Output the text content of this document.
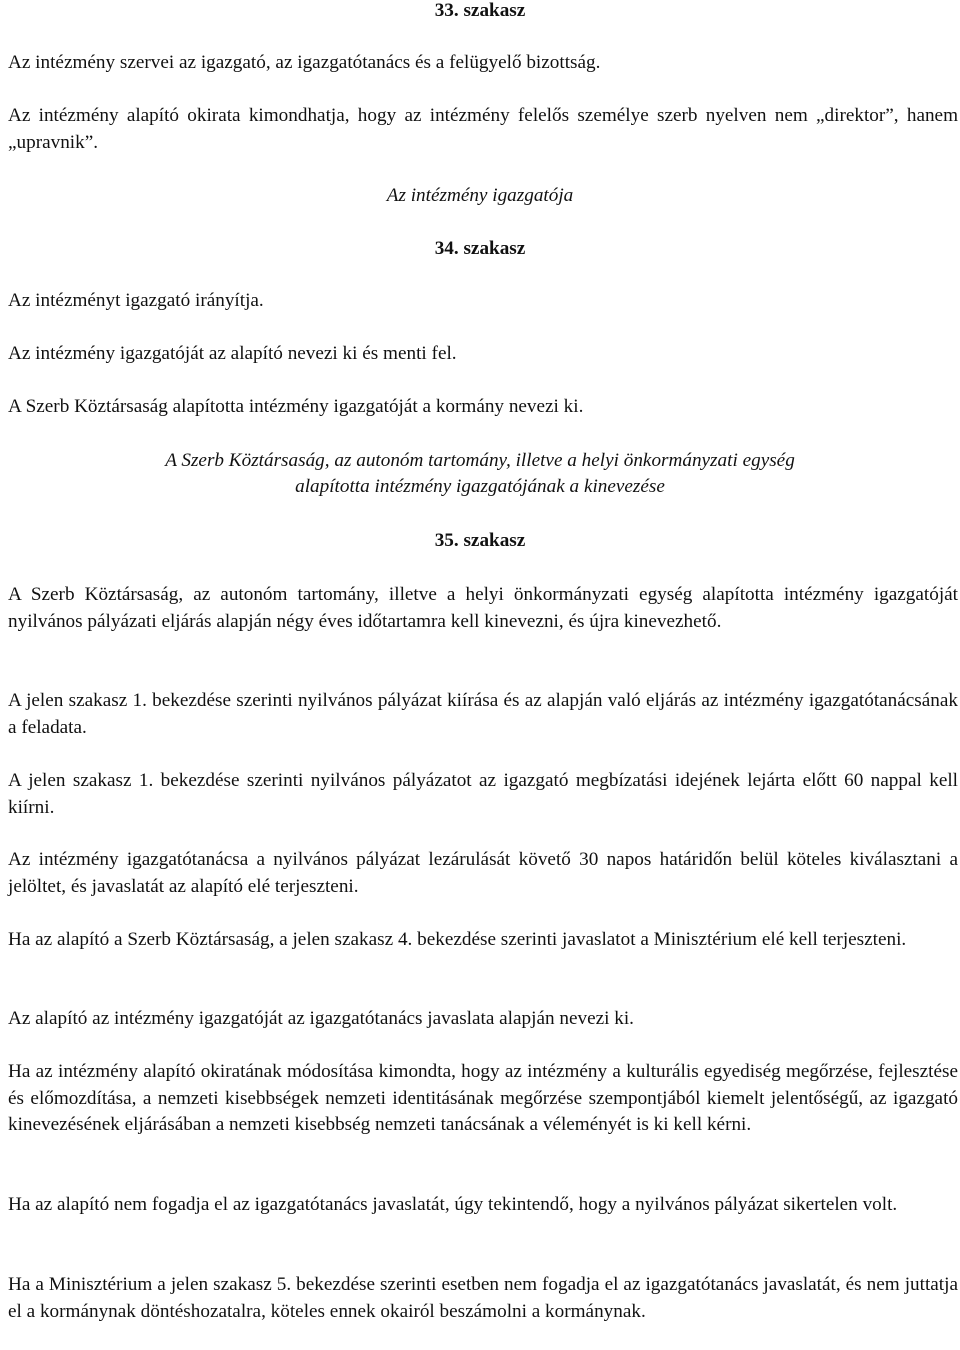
33. szakasz

Az intézmény szervei az igazgató, az igazgatótanács és a felügyelő bizottság.

Az intézmény alapító okirata kimondhatja, hogy az intézmény felelős személye szerb nyelven nem „direktor”, hanem „upravnik”.

Az intézmény igazgatója

34. szakasz

Az intézményt igazgató irányítja.

Az intézmény igazgatóját az alapító nevezi ki és menti fel.

A Szerb Köztársaság alapította intézmény igazgatóját a kormány nevezi ki.

A Szerb Köztársaság, az autonóm tartomány, illetve a helyi önkormányzati egység

alapította intézmény igazgatójának a kinevezése

35. szakasz

A Szerb Köztársaság, az autonóm tartomány, illetve a helyi önkormányzati egység alapította intézmény igazgatóját nyilvános pályázati eljárás alapján négy éves időtartamra kell kinevezni, és újra kinevezhető.

A jelen szakasz 1. bekezdése szerinti nyilvános pályázat kiírása és az alapján való eljárás az intézmény igazgatótanácsának a feladata.

A jelen szakasz 1. bekezdése szerinti nyilvános pályázatot az igazgató megbízatási idejének lejárta előtt 60 nappal kell kiírni.

Az intézmény igazgatótanácsa a nyilvános pályázat lezárulását követő 30 napos határidőn belül köteles kiválasztani a jelöltet, és javaslatát az alapító elé terjeszteni.

Ha az alapító a Szerb Köztársaság, a jelen szakasz 4. bekezdése szerinti javaslatot a Minisztérium elé kell terjeszteni.

Az alapító az intézmény igazgatóját az igazgatótanács javaslata alapján nevezi ki.

Ha az intézmény alapító okiratának módosítása kimondta, hogy az intézmény a kulturális egyediség megőrzése, fejlesztése és előmozdítása, a nemzeti kisebbségek nemzeti identitásának megőrzése szempontjából kiemelt jelentőségű, az igazgató kinevezésének eljárásában a nemzeti kisebbség nemzeti tanácsának a véleményét is ki kell kérni.

Ha az alapító nem fogadja el az igazgatótanács javaslatát, úgy tekintendő, hogy a nyilvános pályázat sikertelen volt.

Ha a Minisztérium a jelen szakasz 5. bekezdése szerinti esetben nem fogadja el az igazgatótanács javaslatát, és nem juttatja el a kormánynak döntéshozatalra, köteles ennek okairól beszámolni a kormánynak.
